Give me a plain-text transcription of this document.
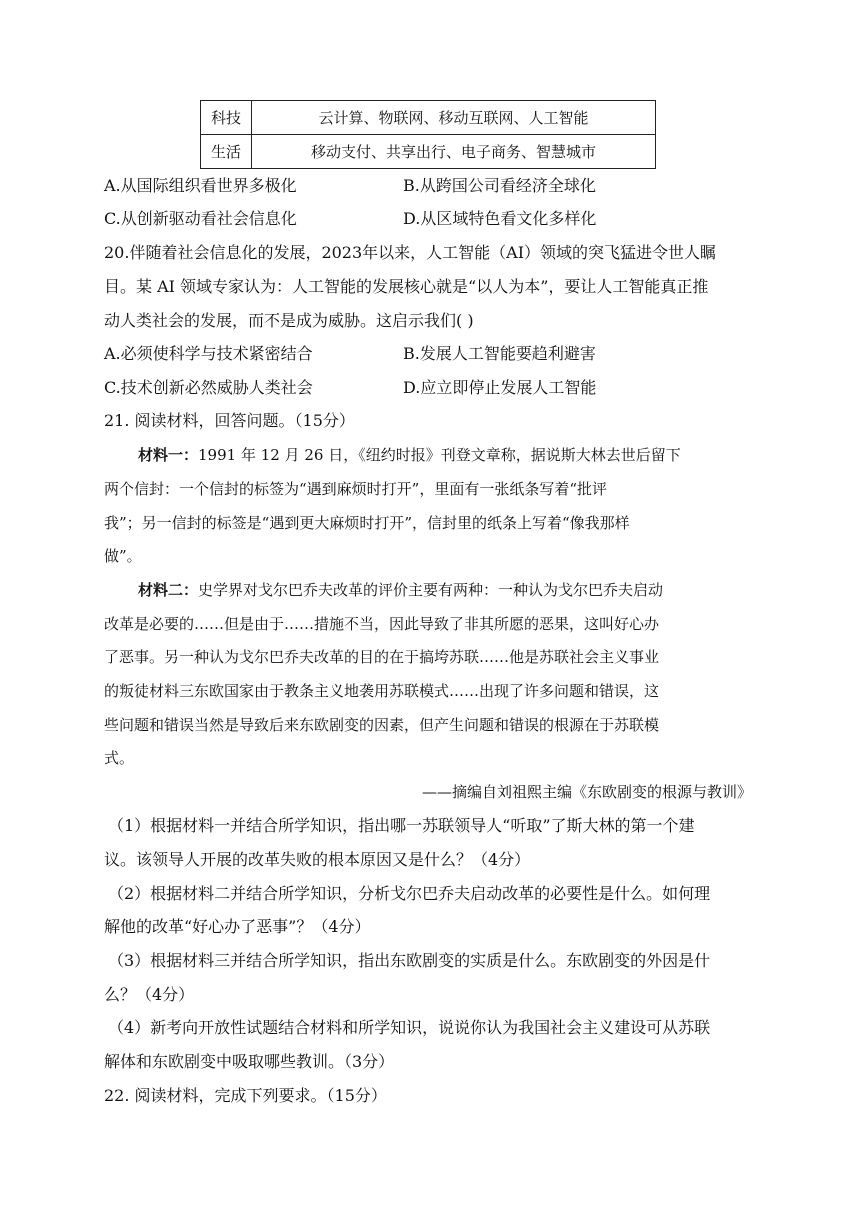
科技	云计算、物联网、移动互联网、人工智能
生活	移动支付、共享出行、电子商务、智慧城市
A.从国际组织看世界多极化	B.从跨国公司看经济全球化
C.从创新驱动看社会信息化	D.从区域特色看文化多样化
20.伴随着社会信息化的发展，2023年以来，人工智能（AI）领域的突飞猛进令世人瞩
目。某 AI 领域专家认为：人工智能的发展核心就是“以人为本”，要让人工智能真正推
动人类社会的发展，而不是成为威胁。这启示我们( )
A.必须使科学与技术紧密结合	B.发展人工智能要趋利避害
C.技术创新必然威胁人类社会	D.应立即停止发展人工智能
21. 阅读材料，回答问题。（15分）
材料一：1991 年 12 月 26 日，《纽约时报》刊登文章称，据说斯大林去世后留下
两个信封：一个信封的标签为“遇到麻烦时打开”，里面有一张纸条写着“批评
我”；另一信封的标签是“遇到更大麻烦时打开”，信封里的纸条上写着“像我那样
做”。
材料二：史学界对戈尔巴乔夫改革的评价主要有两种：一种认为戈尔巴乔夫启动
改革是必要的……但是由于……措施不当，因此导致了非其所愿的恶果，这叫好心办
了恶事。另一种认为戈尔巴乔夫改革的目的在于搞垮苏联……他是苏联社会主义事业
的叛徒材料三东欧国家由于教条主义地袭用苏联模式……出现了许多问题和错误，这
些问题和错误当然是导致后来东欧剧变的因素，但产生问题和错误的根源在于苏联模
式。
——摘编自刘祖熙主编《东欧剧变的根源与教训》
（1）根据材料一并结合所学知识，指出哪一苏联领导人“听取”了斯大林的第一个建
议。该领导人开展的改革失败的根本原因又是什么？（4分）
（2）根据材料二并结合所学知识，分析戈尔巴乔夫启动改革的必要性是什么。如何理
解他的改革“好心办了恶事”？（4分）
（3）根据材料三并结合所学知识，指出东欧剧变的实质是什么。东欧剧变的外因是什
么？（4分）
（4）新考向开放性试题结合材料和所学知识，说说你认为我国社会主义建设可从苏联
解体和东欧剧变中吸取哪些教训。（3分）
22. 阅读材料，完成下列要求。（15分）
